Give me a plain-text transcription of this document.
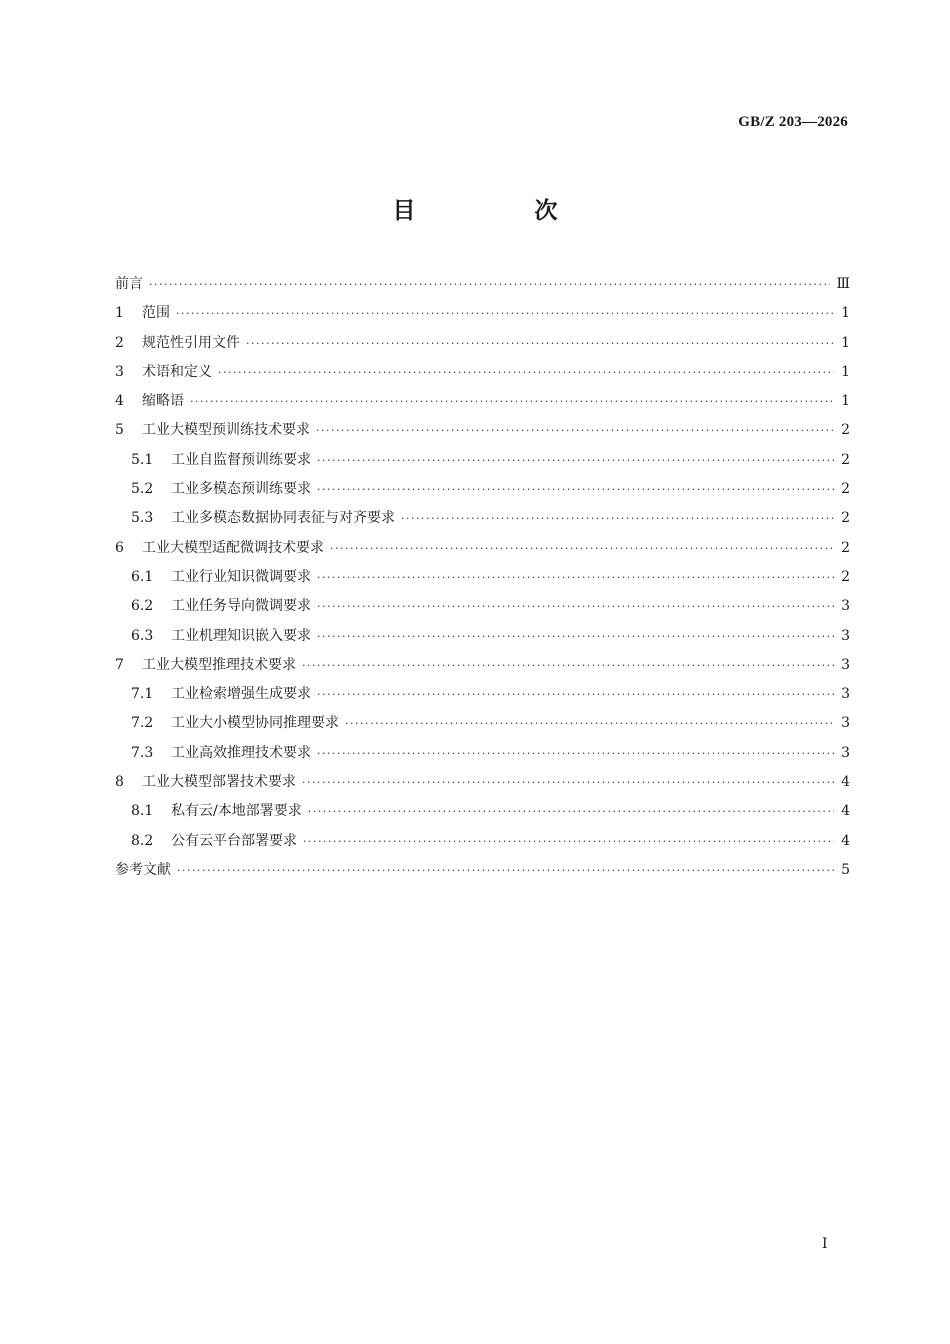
GB/Z 203—2026
目　次
前言 ·····	Ⅲ
1	范围 ·····	1
2	规范性引用文件 ·····	1
3	术语和定义 ·····	1
4	缩略语 ·····	1
5	工业大模型预训练技术要求 ·····	2
5.1	工业自监督预训练要求 ·····	2
5.2	工业多模态预训练要求 ·····	2
5.3	工业多模态数据协同表征与对齐要求 ·····	2
6	工业大模型适配微调技术要求 ·····	2
6.1	工业行业知识微调要求 ·····	2
6.2	工业任务导向微调要求 ·····	3
6.3	工业机理知识嵌入要求 ·····	3
7	工业大模型推理技术要求 ·····	3
7.1	工业检索增强生成要求 ·····	3
7.2	工业大小模型协同推理要求 ·····	3
7.3	工业高效推理技术要求 ·····	3
8	工业大模型部署技术要求 ·····	4
8.1	私有云/本地部署要求 ·····	4
8.2	公有云平台部署要求 ·····	4
参考文献 ·····	5
Ⅰ
